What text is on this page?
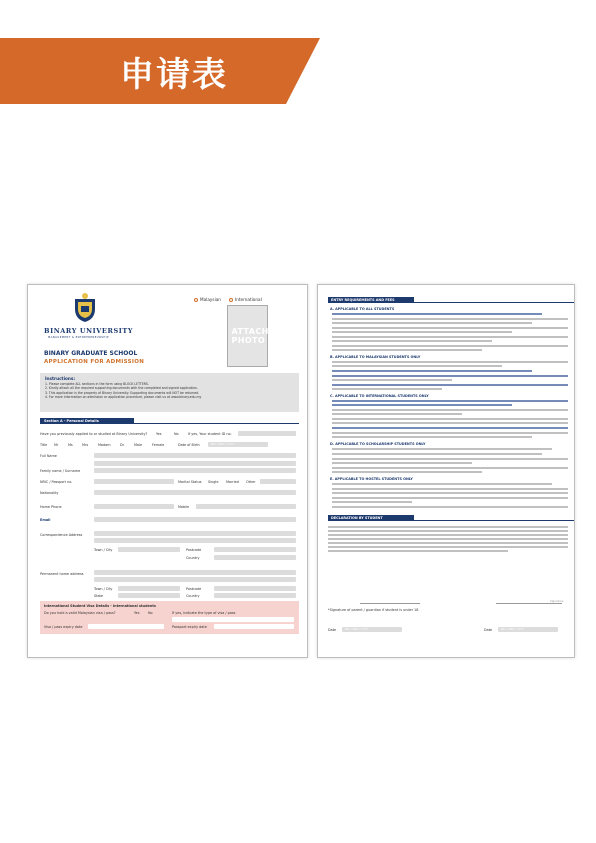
申请表
BINARY UNIVERSITY
MANAGEMENT & ENTREPRENEURSHIP
BINARY GRADUATE SCHOOL
APPLICATION FOR ADMISSION
Malaysian	International
ATTACH PHOTO
Instructions:

1. Please complete ALL sections in the form using BLOCK LETTERS.

2. Kindly attach all the required supporting documents with the completed and signed application.

3. This application is the property of Binary University. Supporting documents will NOT be returned.

4. For more information on admission or application procedure, please visit us at www.binary.edu.my

Section A - Personal Details
Have you previously applied to or studied at Binary University?	Yes	No	If yes, Your student ID no.
Title Mr	Ms	Mrs	Madam	Dr	Male	Female	Date of Birth	DD / MM / YYYY
Full Name
Family name / Surname
NRIC / Passport no.	Marital Status Single Married Other
Nationality
Home Phone	Mobile
Email
Correspondence Address
Town / City	Postcode
Country
Permanent home address
Town / City	Postcode
State	Country
International Student Visa Details - International students
Do you hold a valid Malaysian visa / pass?	Yes	No	If yes, indicate the type of visa / pass
Visa / pass expiry date	Passport expiry date
ENTRY REQUIREMENTS AND FEES
A. APPLICABLE TO ALL STUDENTS
B. APPLICABLE TO MALAYSIAN STUDENTS ONLY
C. APPLICABLE TO INTERNATIONAL STUDENTS ONLY
D. APPLICABLE TO SCHOLARSHIP STUDENTS ONLY
E. APPLICABLE TO HOSTEL STUDENTS ONLY
DECLARATION BY STUDENT
Signature
*Signature of parent / guardian if student is under 18
Date	DD / MM / YYYY	Date	DD / MM / YYYY
